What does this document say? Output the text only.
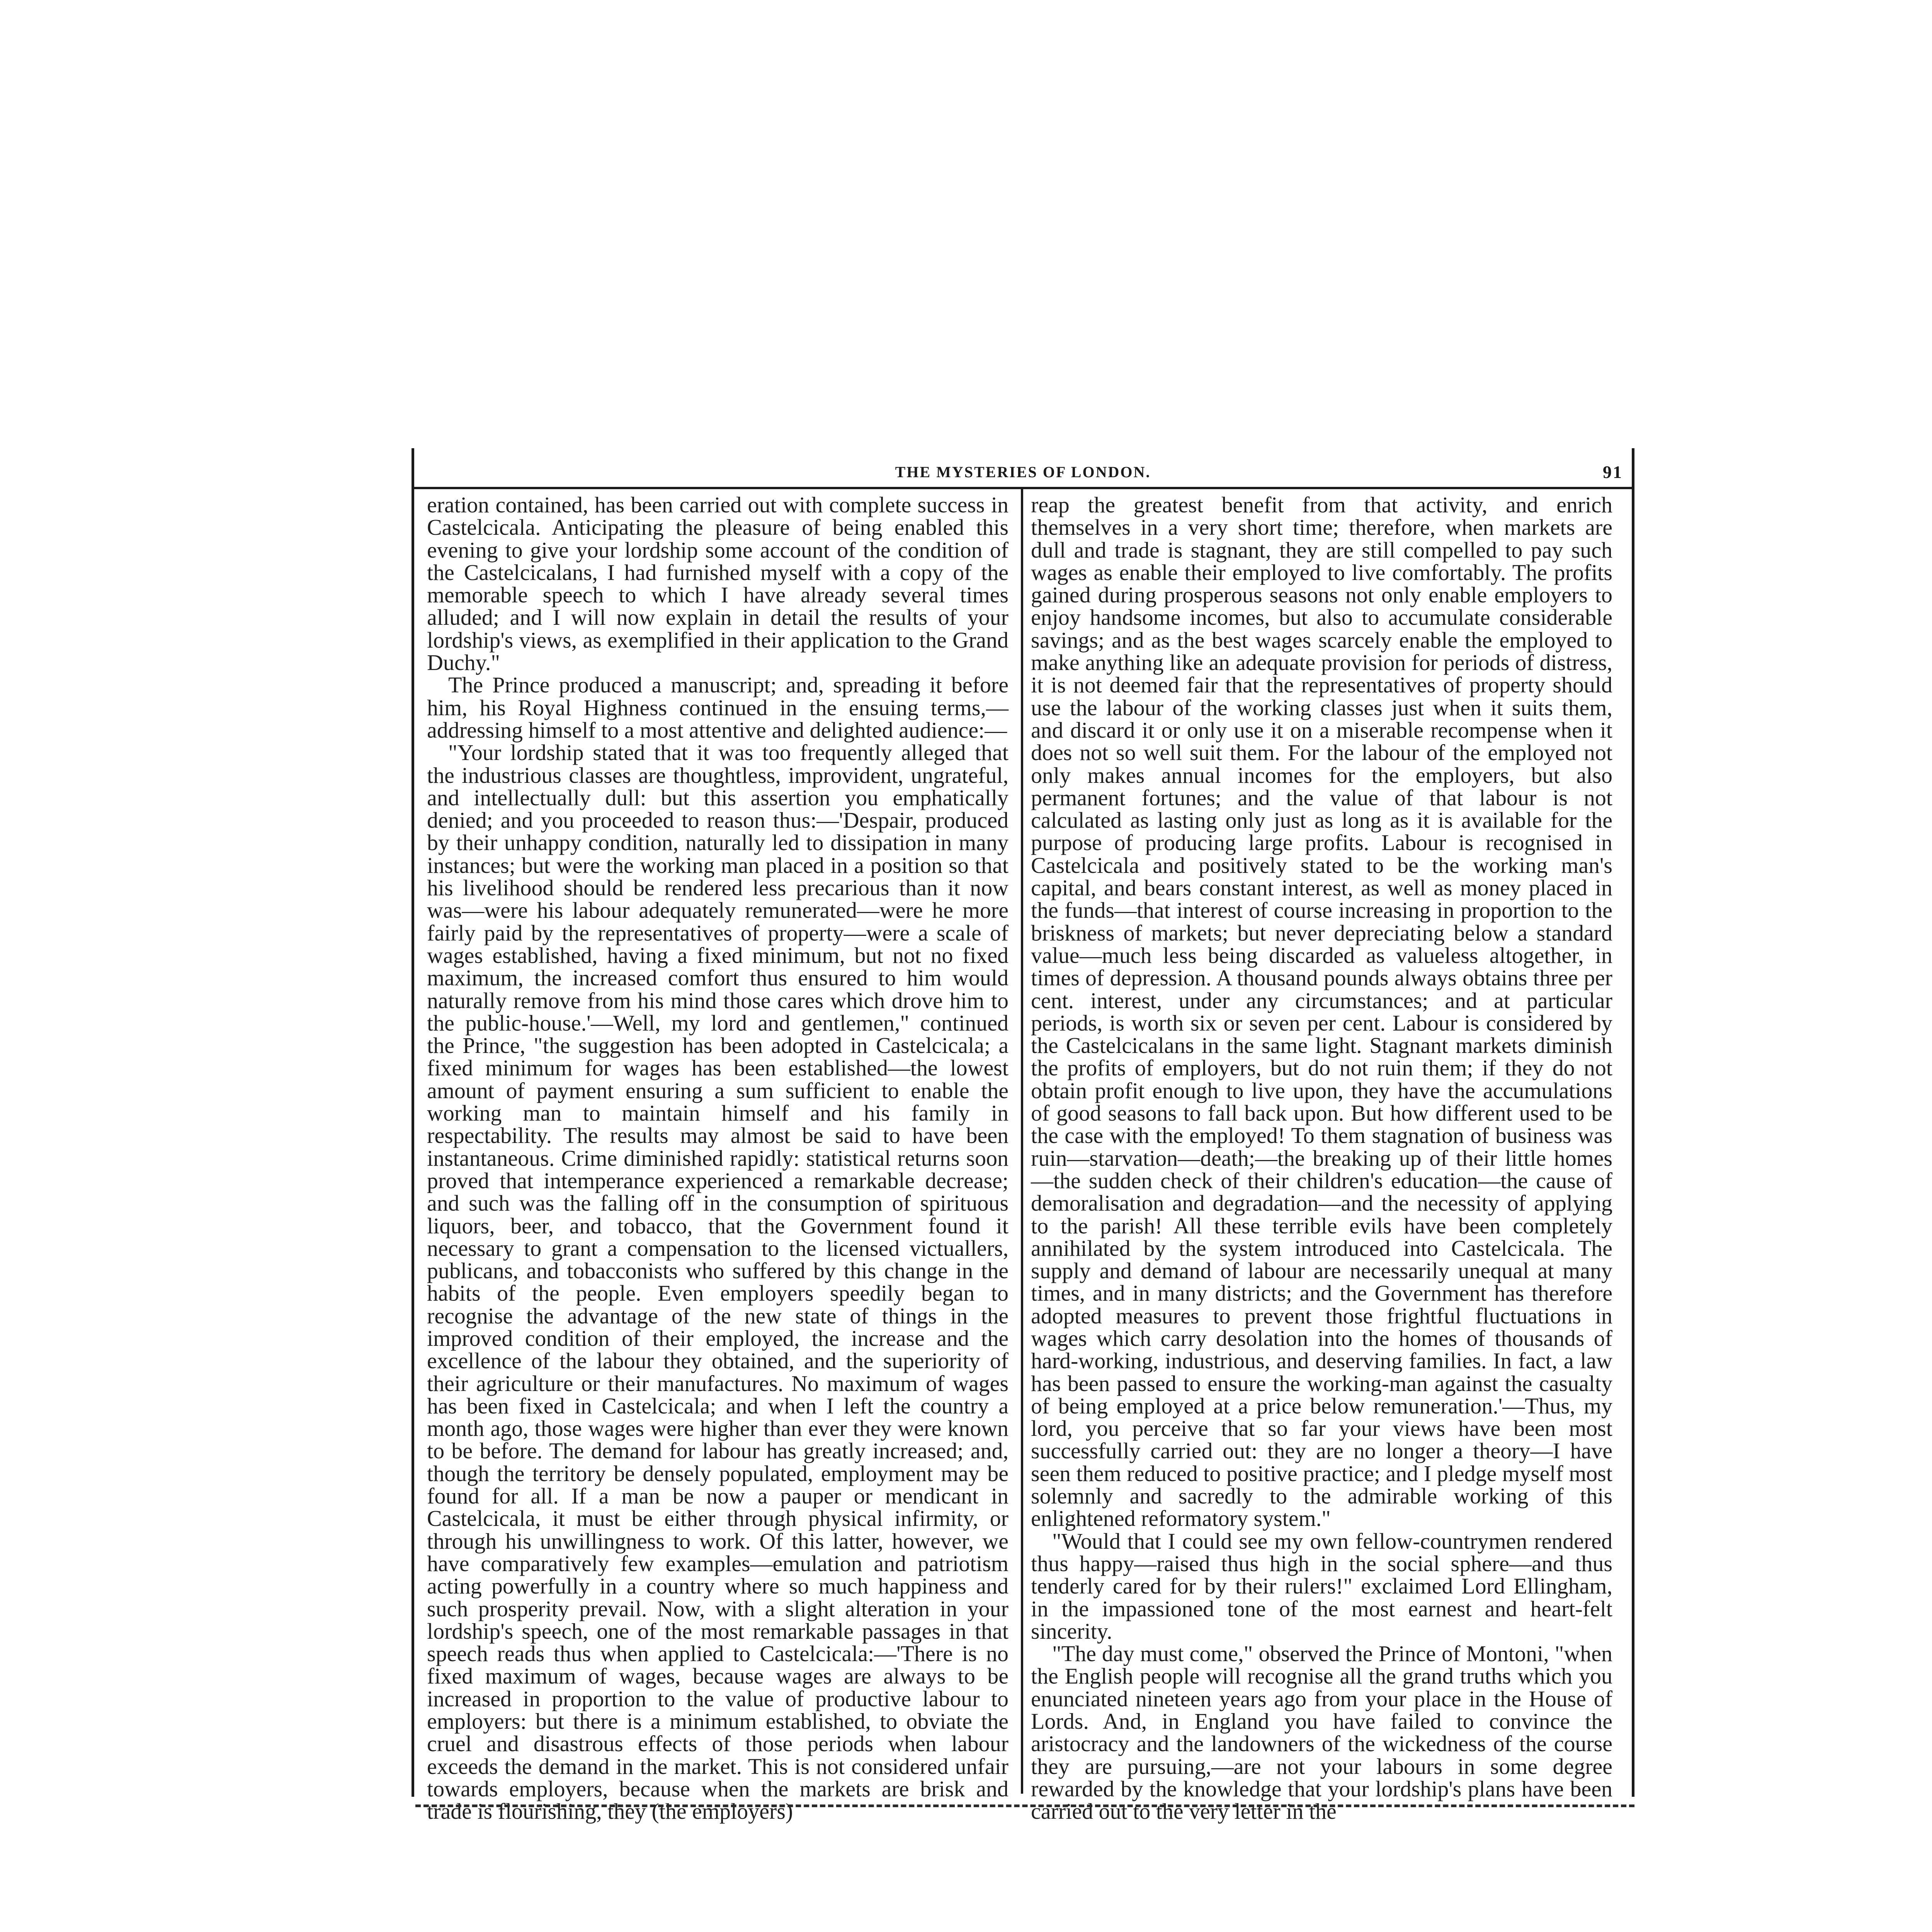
THE MYSTERIES OF LONDON.	91

eration contained, has been carried out with complete success in Castelcicala. Anticipating the pleasure of being enabled this evening to give your lordship some account of the condition of the Castelcicalans, I had furnished myself with a copy of the memorable speech to which I have already several times alluded; and I will now explain in detail the results of your lordship's views, as exemplified in their application to the Grand Duchy."

The Prince produced a manuscript; and, spreading it before him, his Royal Highness continued in the ensuing terms,—addressing himself to a most attentive and delighted audience:—

"Your lordship stated that it was too frequently alleged that the industrious classes are thoughtless, improvident, ungrateful, and intellectually dull: but this assertion you emphatically denied; and you proceeded to reason thus:—'Despair, produced by their unhappy condition, naturally led to dissipation in many instances; but were the working man placed in a position so that his livelihood should be rendered less precarious than it now was—were his labour adequately remunerated—were he more fairly paid by the representatives of property—were a scale of wages established, having a fixed minimum, but not no fixed maximum, the increased comfort thus ensured to him would naturally remove from his mind those cares which drove him to the public-house.'—Well, my lord and gentlemen," continued the Prince, "the suggestion has been adopted in Castelcicala; a fixed minimum for wages has been established—the lowest amount of payment ensuring a sum sufficient to enable the working man to maintain himself and his family in respectability. The results may almost be said to have been instantaneous. Crime diminished rapidly: statistical returns soon proved that intemperance experienced a remarkable decrease; and such was the falling off in the consumption of spirituous liquors, beer, and tobacco, that the Government found it necessary to grant a compensation to the licensed victuallers, publicans, and tobacconists who suffered by this change in the habits of the people. Even employers speedily began to recognise the advantage of the new state of things in the improved condition of their employed, the increase and the excellence of the labour they obtained, and the superiority of their agriculture or their manufactures. No maximum of wages has been fixed in Castelcicala; and when I left the country a month ago, those wages were higher than ever they were known to be before. The demand for labour has greatly increased; and, though the territory be densely populated, employment may be found for all. If a man be now a pauper or mendicant in Castelcicala, it must be either through physical infirmity, or through his unwillingness to work. Of this latter, however, we have comparatively few examples—emulation and patriotism acting powerfully in a country where so much happiness and such prosperity prevail. Now, with a slight alteration in your lordship's speech, one of the most remarkable passages in that speech reads thus when applied to Castelcicala:—'There is no fixed maximum of wages, because wages are always to be increased in proportion to the value of productive labour to employers: but there is a minimum established, to obviate the cruel and disastrous effects of those periods when labour exceeds the demand in the market. This is not considered unfair towards employers, because when the markets are brisk and trade is flourishing, they (the employers)

reap the greatest benefit from that activity, and enrich themselves in a very short time; therefore, when markets are dull and trade is stagnant, they are still compelled to pay such wages as enable their employed to live comfortably. The profits gained during prosperous seasons not only enable employers to enjoy handsome incomes, but also to accumulate considerable savings; and as the best wages scarcely enable the employed to make anything like an adequate provision for periods of distress, it is not deemed fair that the representatives of property should use the labour of the working classes just when it suits them, and discard it or only use it on a miserable recompense when it does not so well suit them. For the labour of the employed not only makes annual incomes for the employers, but also permanent fortunes; and the value of that labour is not calculated as lasting only just as long as it is available for the purpose of producing large profits. Labour is recognised in Castelcicala and positively stated to be the working man's capital, and bears constant interest, as well as money placed in the funds—that interest of course increasing in proportion to the briskness of markets; but never depreciating below a standard value—much less being discarded as valueless altogether, in times of depression. A thousand pounds always obtains three per cent. interest, under any circumstances; and at particular periods, is worth six or seven per cent. Labour is considered by the Castelcicalans in the same light. Stagnant markets diminish the profits of employers, but do not ruin them; if they do not obtain profit enough to live upon, they have the accumulations of good seasons to fall back upon. But how different used to be the case with the employed! To them stagnation of business was ruin—starvation—death;—the breaking up of their little homes—the sudden check of their children's education—the cause of demoralisation and degradation—and the necessity of applying to the parish! All these terrible evils have been completely annihilated by the system introduced into Castelcicala. The supply and demand of labour are necessarily unequal at many times, and in many districts; and the Government has therefore adopted measures to prevent those frightful fluctuations in wages which carry desolation into the homes of thousands of hard-working, industrious, and deserving families. In fact, a law has been passed to ensure the working-man against the casualty of being employed at a price below remuneration.'—Thus, my lord, you perceive that so far your views have been most successfully carried out: they are no longer a theory—I have seen them reduced to positive practice; and I pledge myself most solemnly and sacredly to the admirable working of this enlightened reformatory system."

"Would that I could see my own fellow-countrymen rendered thus happy—raised thus high in the social sphere—and thus tenderly cared for by their rulers!" exclaimed Lord Ellingham, in the impassioned tone of the most earnest and heart-felt sincerity.

"The day must come," observed the Prince of Montoni, "when the English people will recognise all the grand truths which you enunciated nineteen years ago from your place in the House of Lords. And, in England you have failed to convince the aristocracy and the landowners of the wickedness of the course they are pursuing,—are not your labours in some degree rewarded by the knowledge that your lordship's plans have been carried out to the very letter in the
